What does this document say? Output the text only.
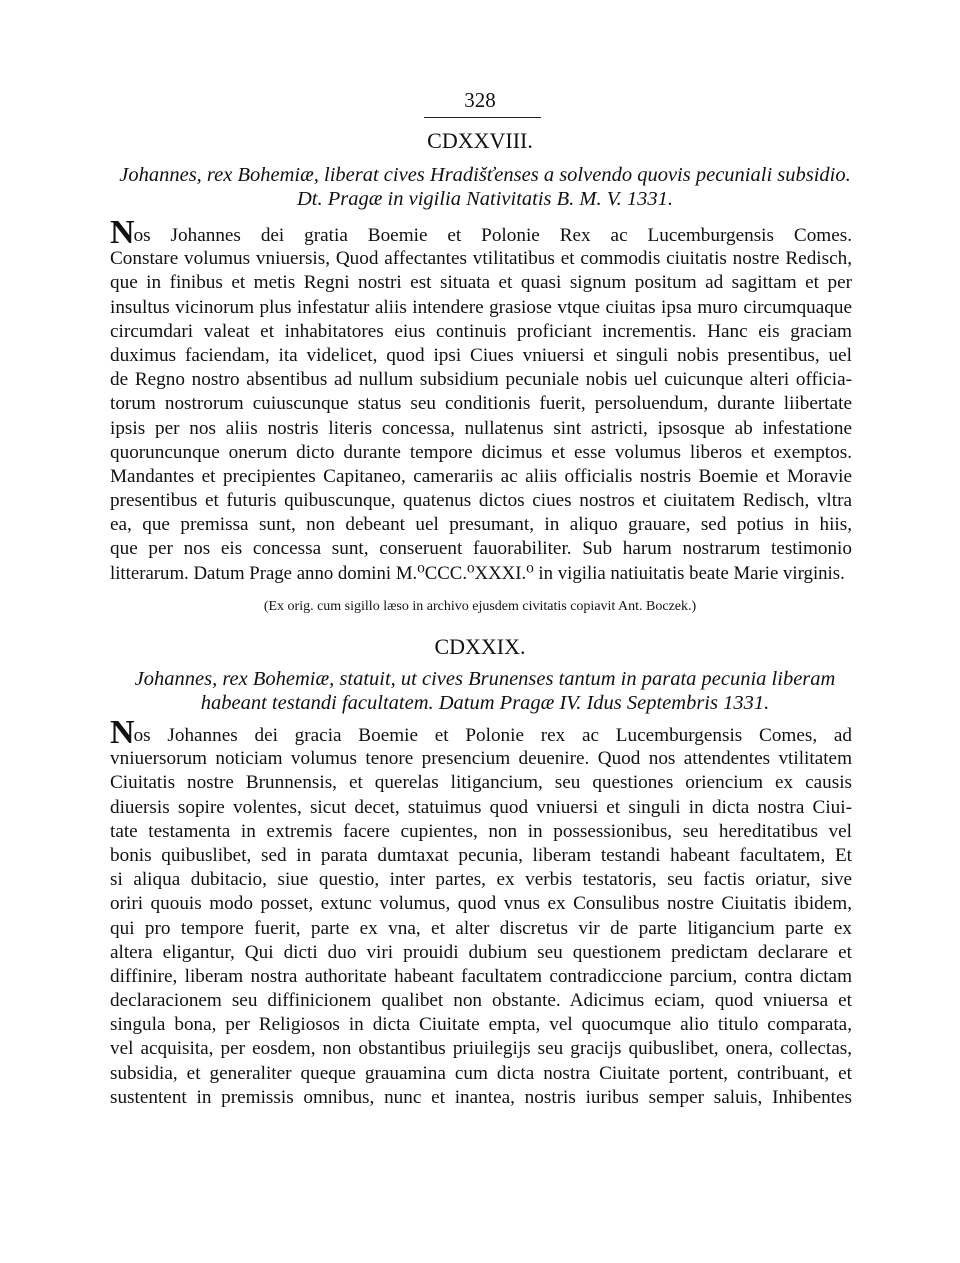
328
CDXXVIII.
Johannes, rex Bohemiæ, liberat cives Hradišťenses a solvendo quovis pecuniali subsidio.
Dt. Pragæ in vigilia Nativitatis B. M. V. 1331.
Nos Johannes dei gratia Boemie et Polonie Rex ac Lucemburgensis Comes.
Constare volumus vniuersis, Quod affectantes vtilitatibus et commodis ciuitatis nostre Redisch,
que in finibus et metis Regni nostri est situata et quasi signum positum ad sagittam et per
insultus vicinorum plus infestatur aliis intendere grasiose vtque ciuitas ipsa muro circumquaque
circumdari valeat et inhabitatores eius continuis proficiant incrementis. Hanc eis graciam
duximus faciendam, ita videlicet, quod ipsi Ciues vniuersi et singuli nobis presentibus, uel
de Regno nostro absentibus ad nullum subsidium pecuniale nobis uel cuicunque alteri officia-
torum nostrorum cuiuscunque status seu conditionis fuerit, persoluendum, durante liibertate
ipsis per nos aliis nostris literis concessa, nullatenus sint astricti, ipsosque ab infestatione
quoruncunque onerum dicto durante tempore dicimus et esse volumus liberos et exemptos.
Mandantes et precipientes Capitaneo, camerariis ac aliis officialis nostris Boemie et Moravie
presentibus et futuris quibuscunque, quatenus dictos ciues nostros et ciuitatem Redisch, vltra
ea, que premissa sunt, non debeant uel presumant, in aliquo grauare, sed potius in hiis,
que per nos eis concessa sunt, conseruent fauorabiliter. Sub harum nostrarum testimonio
litterarum. Datum Prage anno domini M.⁰CCC.⁰XXXI.⁰ in vigilia natiuitatis beate Marie virginis.
(Ex orig. cum sigillo læso in archivo ejusdem civitatis copiavit Ant. Boczek.)
CDXXIX.
Johannes, rex Bohemiæ, statuit, ut cives Brunenses tantum in parata pecunia liberam
habeant testandi facultatem. Datum Pragæ IV. Idus Septembris 1331.
Nos Johannes dei gracia Boemie et Polonie rex ac Lucemburgensis Comes, ad
vniuersorum noticiam volumus tenore presencium deuenire. Quod nos attendentes vtilitatem
Ciuitatis nostre Brunnensis, et querelas litigancium, seu questiones oriencium ex causis
diuersis sopire volentes, sicut decet, statuimus quod vniuersi et singuli in dicta nostra Ciui-
tate testamenta in extremis facere cupientes, non in possessionibus, seu hereditatibus vel
bonis quibuslibet, sed in parata dumtaxat pecunia, liberam testandi habeant facultatem, Et
si aliqua dubitacio, siue questio, inter partes, ex verbis testatoris, seu factis oriatur, sive
oriri quouis modo posset, extunc volumus, quod vnus ex Consulibus nostre Ciuitatis ibidem,
qui pro tempore fuerit, parte ex vna, et alter discretus vir de parte litigancium parte ex
altera eligantur, Qui dicti duo viri prouidi dubium seu questionem predictam declarare et
diffinire, liberam nostra authoritate habeant facultatem contradiccione parcium, contra dictam
declaracionem seu diffinicionem qualibet non obstante. Adicimus eciam, quod vniuersa et
singula bona, per Religiosos in dicta Ciuitate empta, vel quocumque alio titulo comparata,
vel acquisita, per eosdem, non obstantibus priuilegijs seu gracijs quibuslibet, onera, collectas,
subsidia, et generaliter queque grauamina cum dicta nostra Ciuitate portent, contribuant, et
sustentent in premissis omnibus, nunc et inantea, nostris iuribus semper saluis, Inhibentes
